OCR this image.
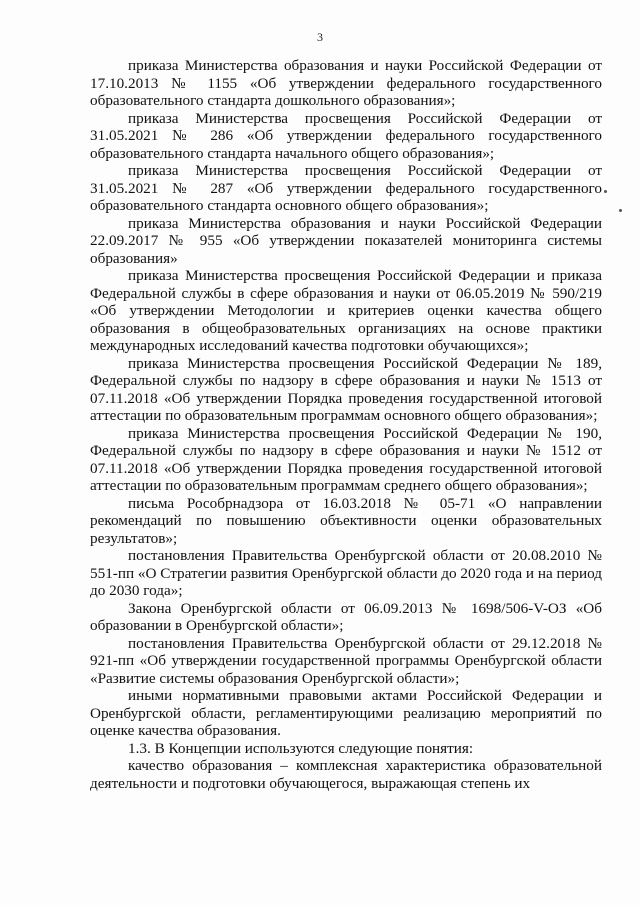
3

приказа Министерства образования и науки Российской Федерации от 17.10.2013 № 1155 «Об утверждении федерального государственного образовательного стандарта дошкольного образования»;

приказа Министерства просвещения Российской Федерации от 31.05.2021 № 286 «Об утверждении федерального государственного образовательного стандарта начального общего образования»;

приказа Министерства просвещения Российской Федерации от 31.05.2021 № 287 «Об утверждении федерального государственного образовательного стандарта основного общего образования»;

приказа Министерства образования и науки Российской Федерации 22.09.2017 № 955 «Об утверждении показателей мониторинга системы образования»

приказа Министерства просвещения Российской Федерации и приказа Федеральной службы в сфере образования и науки от 06.05.2019 № 590/219 «Об утверждении Методологии и критериев оценки качества общего образования в общеобразовательных организациях на основе практики международных исследований качества подготовки обучающихся»;

приказа Министерства просвещения Российской Федерации № 189, Федеральной службы по надзору в сфере образования и науки № 1513 от 07.11.2018 «Об утверждении Порядка проведения государственной итоговой аттестации по образовательным программам основного общего образования»;

приказа Министерства просвещения Российской Федерации № 190, Федеральной службы по надзору в сфере образования и науки № 1512 от 07.11.2018 «Об утверждении Порядка проведения государственной итоговой аттестации по образовательным программам среднего общего образования»;

письма Рособрнадзора от 16.03.2018 № 05-71 «О направлении рекомендаций по повышению объективности оценки образовательных результатов»;

постановления Правительства Оренбургской области от 20.08.2010 № 551-пп «О Стратегии развития Оренбургской области до 2020 года и на период до 2030 года»;

Закона Оренбургской области от 06.09.2013 № 1698/506-V-ОЗ «Об образовании в Оренбургской области»;

постановления Правительства Оренбургской области от 29.12.2018 № 921-пп «Об утверждении государственной программы Оренбургской области «Развитие системы образования Оренбургской области»;

иными нормативными правовыми актами Российской Федерации и Оренбургской области, регламентирующими реализацию мероприятий по оценке качества образования.

1.3. В Концепции используются следующие понятия:

качество образования – комплексная характеристика образовательной деятельности и подготовки обучающегося, выражающая степень их
